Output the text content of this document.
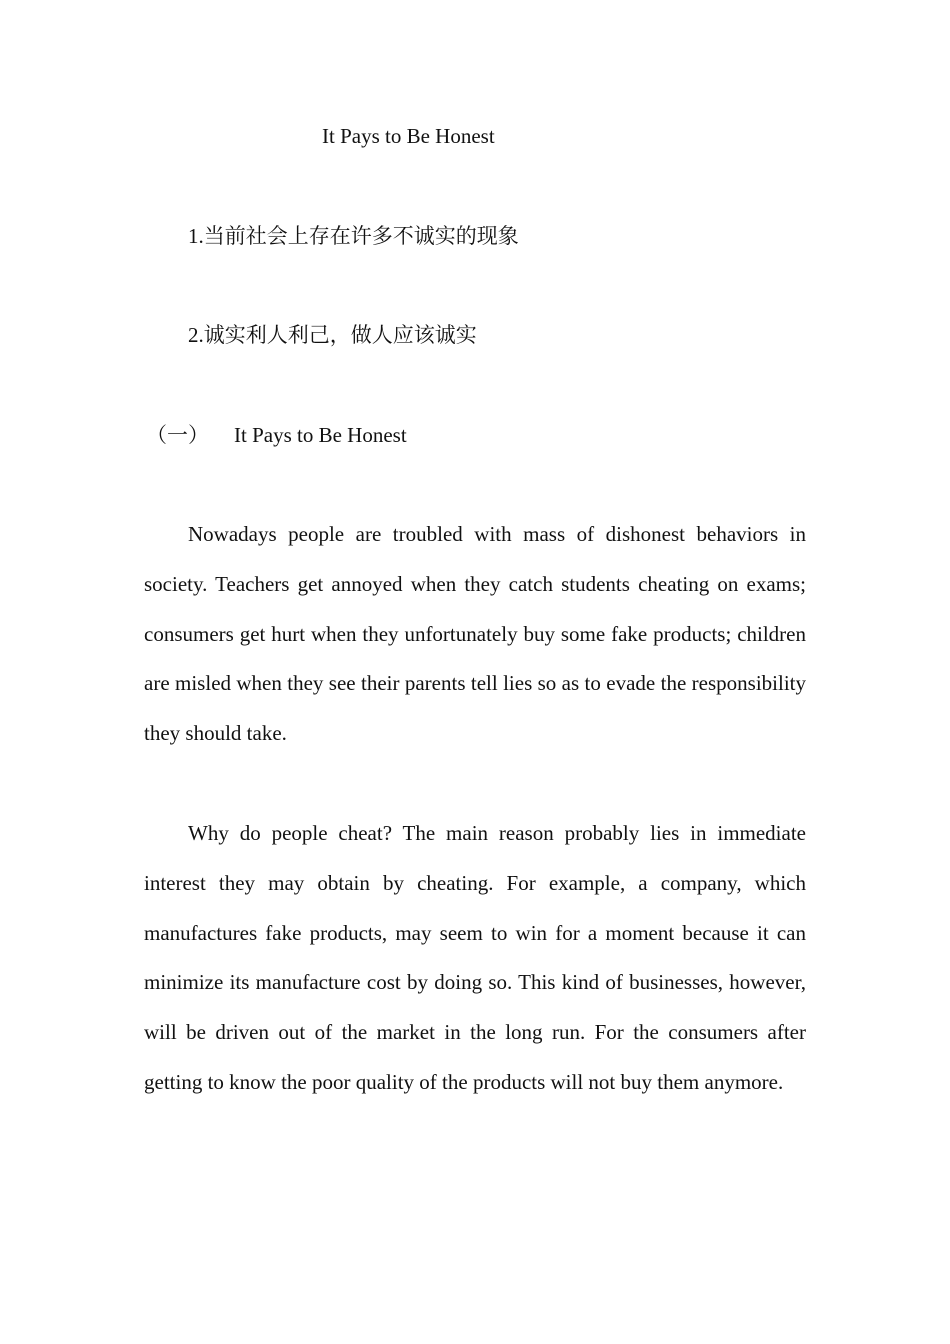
It Pays to Be Honest
1.当前社会上存在许多不诚实的现象
2.诚实利人利己，做人应该诚实
（一） It Pays to Be Honest

Nowadays people are troubled with mass of dishonest behaviors in society. Teachers get annoyed when they catch students cheating on exams; consumers get hurt when they unfortunately buy some fake products; children are misled when they see their parents tell lies so as to evade the responsibility they should take.

Why do people cheat? The main reason probably lies in immediate interest they may obtain by cheating. For example, a company, which manufactures fake products, may seem to win for a moment because it can minimize its manufacture cost by doing so. This kind of businesses, however, will be driven out of the market in the long run. For the consumers after getting to know the poor quality of the products will not buy them anymore.
